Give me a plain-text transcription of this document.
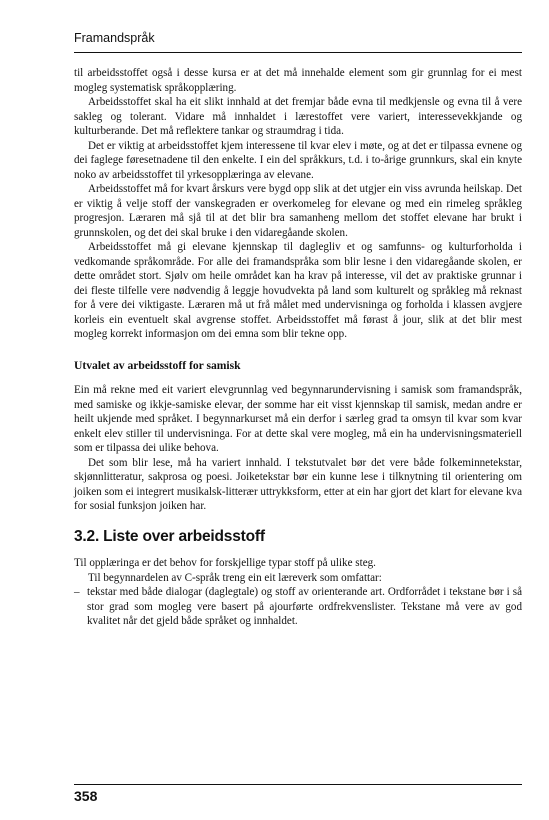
Framandspråk

til arbeidsstoffet også i desse kursa er at det må innehalde element som gir grunnlag for ei mest mogleg systematisk språkopplæring.

Arbeidsstoffet skal ha eit slikt innhald at det fremjar både evna til medkjensle og evna til å vere sakleg og tolerant. Vidare må innhaldet i lærestoffet vere variert, interessevekkjande og kulturberande. Det må reflektere tankar og straumdrag i tida.

Det er viktig at arbeidsstoffet kjem interessene til kvar elev i møte, og at det er tilpassa evnene og dei faglege føresetnadene til den enkelte. I ein del språkkurs, t.d. i to-årige grunnkurs, skal ein knyte noko av arbeidsstoffet til yrkesopplæringa av elevane.

Arbeidsstoffet må for kvart årskurs vere bygd opp slik at det utgjer ein viss avrunda heilskap. Det er viktig å velje stoff der vanskegraden er overkomeleg for elevane og med ein rimeleg språkleg progresjon. Læraren må sjå til at det blir bra samanheng mellom det stoffet elevane har brukt i grunnskolen, og det dei skal bruke i den vidaregåande skolen.

Arbeidsstoffet må gi elevane kjennskap til daglegliv et og samfunns- og kulturforholda i vedkomande språkområde. For alle dei framandspråka som blir lesne i den vidaregåande skolen, er dette området stort. Sjølv om heile området kan ha krav på interesse, vil det av praktiske grunnar i dei fleste tilfelle vere nødvendig å leggje hovudvekta på land som kulturelt og språkleg må reknast for å vere dei viktigaste. Læraren må ut frå målet med undervisninga og forholda i klassen avgjere korleis ein eventuelt skal avgrense stoffet. Arbeidsstoffet må førast å jour, slik at det blir mest mogleg korrekt informasjon om dei emna som blir tekne opp.

Utvalet av arbeidsstoff for samisk

Ein må rekne med eit variert elevgrunnlag ved begynnarundervisning i samisk som framandspråk, med samiske og ikkje-samiske elevar, der somme har eit visst kjennskap til samisk, medan andre er heilt ukjende med språket. I begynnarkurset må ein derfor i særleg grad ta omsyn til kvar som kvar enkelt elev stiller til undervisninga. For at dette skal vere mogleg, må ein ha undervisningsmateriell som er tilpassa dei ulike behova.

Det som blir lese, må ha variert innhald. I tekstutvalet bør det vere både folkeminnetekstar, skjønnlitteratur, sakprosa og poesi. Joiketekstar bør ein kunne lese i tilknytning til orientering om joiken som ei integrert musikalsk-litterær uttrykksform, etter at ein har gjort det klart for elevane kva for sosial funksjon joiken har.

3.2. Liste over arbeidsstoff

Til opplæringa er det behov for forskjellige typar stoff på ulike steg.

Til begynnardelen av C-språk treng ein eit læreverk som omfattar:

– tekstar med både dialogar (daglegtale) og stoff av orienterande art. Ordforrådet i tekstane bør i så stor grad som mogleg vere basert på ajourførte ordfrekvenslister. Tekstane må vere av god kvalitet når det gjeld både språket og innhaldet.
358
